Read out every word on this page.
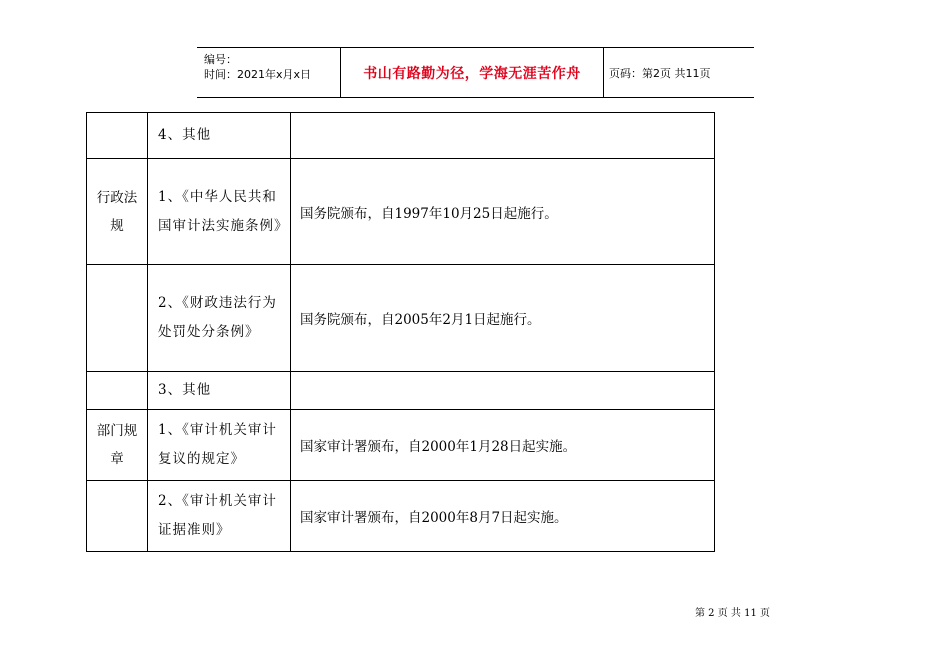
编号：
时间：2021年x月x日	书山有路勤为径，学海无涯苦作舟	页码：第2页 共11页
	4、其他	

行政法规	1、《中华人民共和国审计法实施条例》	国务院颁布，自1997年10月25日起施行。
	2、《财政违法行为处罚处分条例》	国务院颁布，自2005年2月1日起施行。
	3、其他	

部门规章	1、《审计机关审计复议的规定》	国家审计署颁布，自2000年1月28日起实施。
	2、《审计机关审计证据准则》	国家审计署颁布，自2000年8月7日起实施。
第 2 页 共 11 页
